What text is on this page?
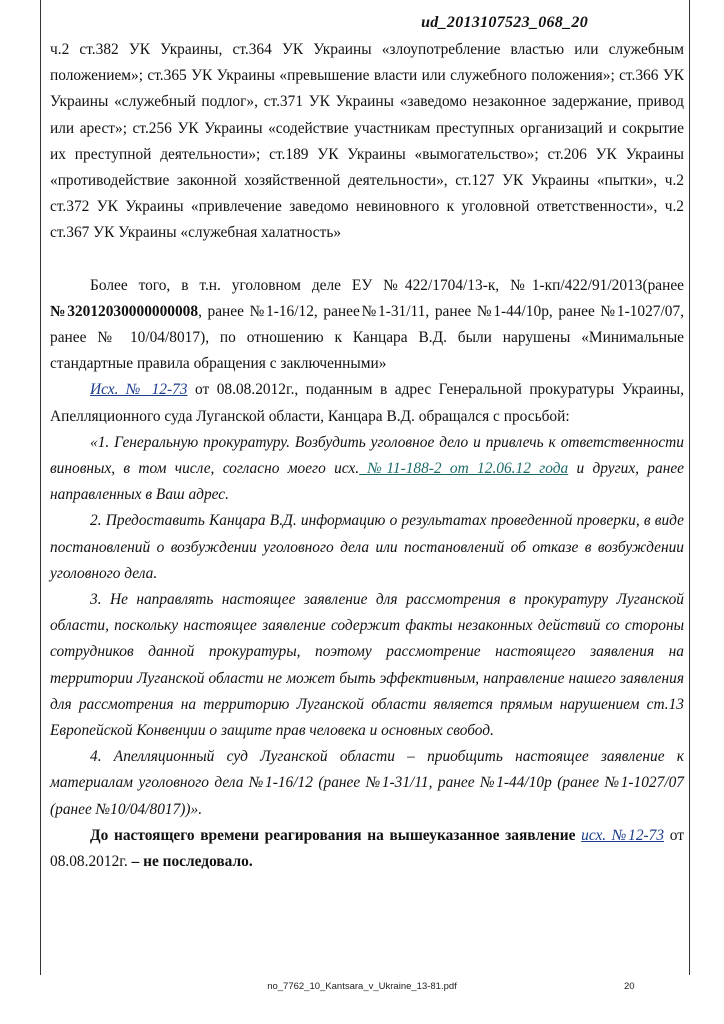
ud_2013107523_068_20

ч.2 ст.382 УК Украины, ст.364 УК Украины «злоупотребление властью или служебным положением»; ст.365 УК Украины «превышение власти или служебного положения»; ст.366 УК Украины «служебный подлог», ст.371 УК Украины «заведомо незаконное задержание, привод или арест»; ст.256 УК Украины «содействие участникам преступных организаций и сокрытие их преступной деятельности»; ст.189 УК Украины «вымогательство»; ст.206 УК Украины «противодействие законной хозяйственной деятельности», ст.127 УК Украины «пытки», ч.2 ст.372 УК Украины «привлечение заведомо невиновного к уголовной ответственности», ч.2 ст.367 УК Украины «служебная халатность»

Более того, в т.н. уголовном деле ЕУ №422/1704/13-к, №1-кп/422/91/2013(ранее №32012030000000008, ранее №1-16/12, ранее№1-31/11, ранее №1-44/10р, ранее №1-1027/07, ранее № 10/04/8017), по отношению к Канцара В.Д. были нарушены «Минимальные стандартные правила обращения с заключенными»

Исх. № 12-73 от 08.08.2012г., поданным в адрес Генеральной прокуратуры Украины, Апелляционного суда Луганской области, Канцара В.Д. обращался с просьбой:

«1. Генеральную прокуратуру. Возбудить уголовное дело и привлечь к ответственности виновных, в том числе, согласно моего исх. №11-188-2 от 12.06.12 года и других, ранее направленных в Ваш адрес.

2. Предоставить Канцара В.Д. информацию о результатах проведенной проверки, в виде постановлений о возбуждении уголовного дела или постановлений об отказе в возбуждении уголовного дела.

3. Не направлять настоящее заявление для рассмотрения в прокуратуру Луганской области, поскольку настоящее заявление содержит факты незаконных действий со стороны сотрудников данной прокуратуры, поэтому рассмотрение настоящего заявления на территории Луганской области не может быть эффективным, направление нашего заявления для рассмотрения на территорию Луганской области является прямым нарушением ст.13 Европейской Конвенции о защите прав человека и основных свобод.

4. Апелляционный суд Луганской области – приобщить настоящее заявление к материалам уголовного дела №1-16/12 (ранее №1-31/11, ранее №1-44/10р (ранее №1-1027/07 (ранее №10/04/8017))».

До настоящего времени реагирования на вышеуказанное заявление исх. №12-73 от 08.08.2012г. – не последовало.

no_7762_10_Kantsara_v_Ukraine_13-81.pdf	20
